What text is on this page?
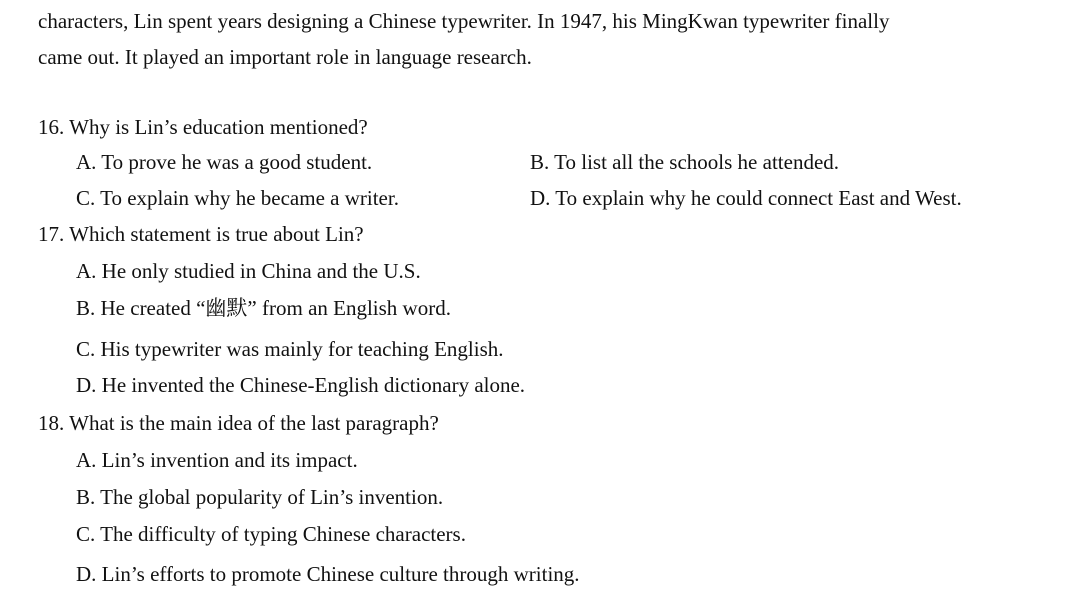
characters, Lin spent years designing a Chinese typewriter. In 1947, his MingKwan typewriter finally
came out. It played an important role in language research.
16. Why is Lin’s education mentioned?
A. To prove he was a good student.	B. To list all the schools he attended.
C. To explain why he became a writer.	D. To explain why he could connect East and West.
17. Which statement is true about Lin?
A. He only studied in China and the U.S.
B. He created “幽默” from an English word.
C. His typewriter was mainly for teaching English.
D. He invented the Chinese-English dictionary alone.
18. What is the main idea of the last paragraph?
A. Lin’s invention and its impact.
B. The global popularity of Lin’s invention.
C. The difficulty of typing Chinese characters.
D. Lin’s efforts to promote Chinese culture through writing.
